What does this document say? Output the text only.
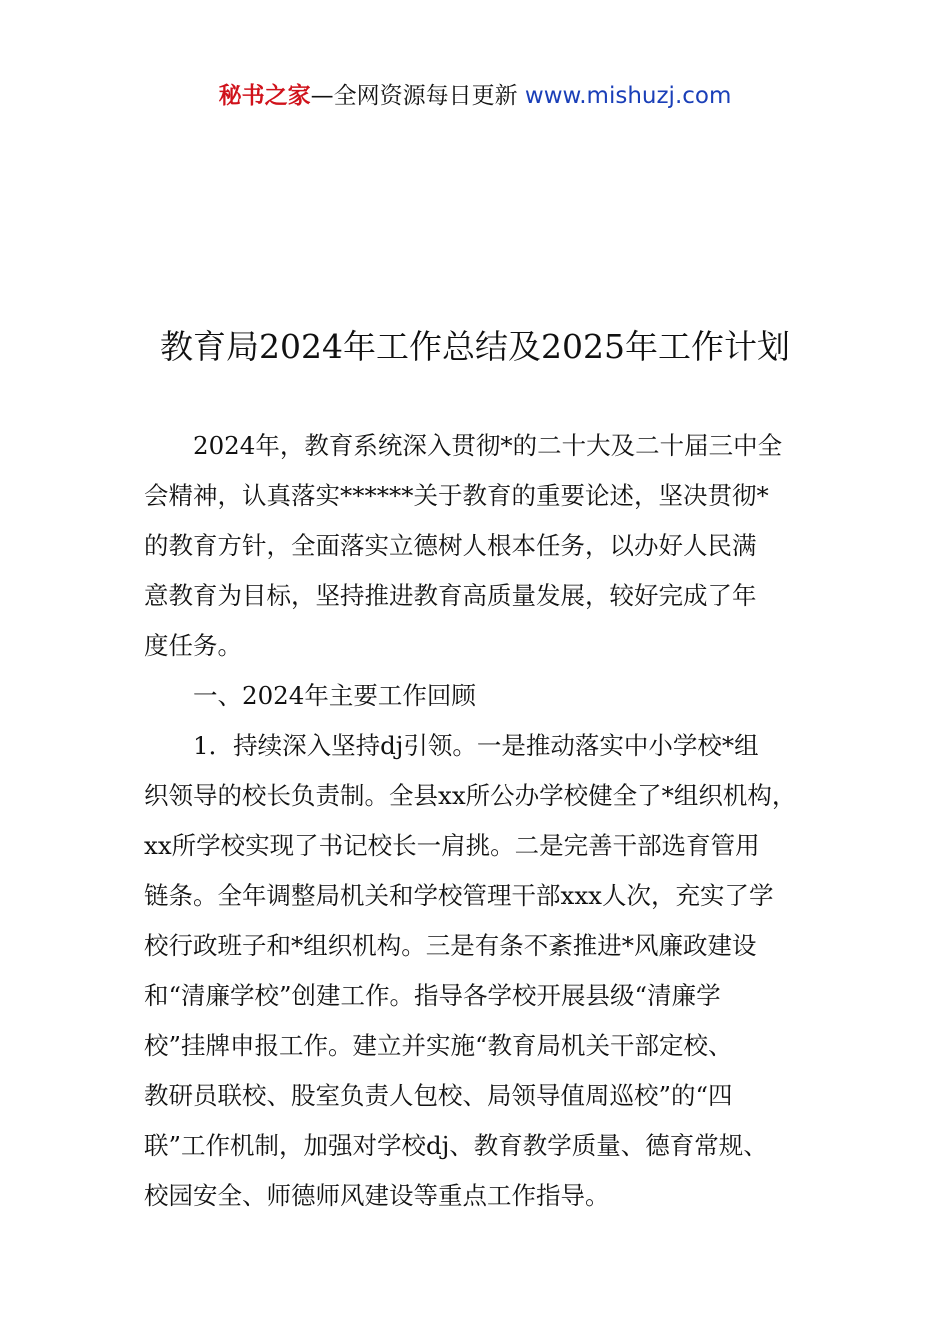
秘书之家—全网资源每日更新 www.mishuzj.com
教育局2024年工作总结及2025年工作计划

2024年，教育系统深入贯彻*的二十大及二十届三中全
会精神，认真落实******关于教育的重要论述，坚决贯彻*
的教育方针，全面落实立德树人根本任务，以办好人民满
意教育为目标，坚持推进教育高质量发展，较好完成了年
度任务。

一、2024年主要工作回顾

1．持续深入坚持dj引领。一是推动落实中小学校*组
织领导的校长负责制。全县xx所公办学校健全了*组织机构，
xx所学校实现了书记校长一肩挑。二是完善干部选育管用
链条。全年调整局机关和学校管理干部xxx人次，充实了学
校行政班子和*组织机构。三是有条不紊推进*风廉政建设
和“清廉学校”创建工作。指导各学校开展县级“清廉学
校”挂牌申报工作。建立并实施“教育局机关干部定校、
教研员联校、股室负责人包校、局领导值周巡校”的“四
联”工作机制，加强对学校dj、教育教学质量、德育常规、
校园安全、师德师风建设等重点工作指导。
